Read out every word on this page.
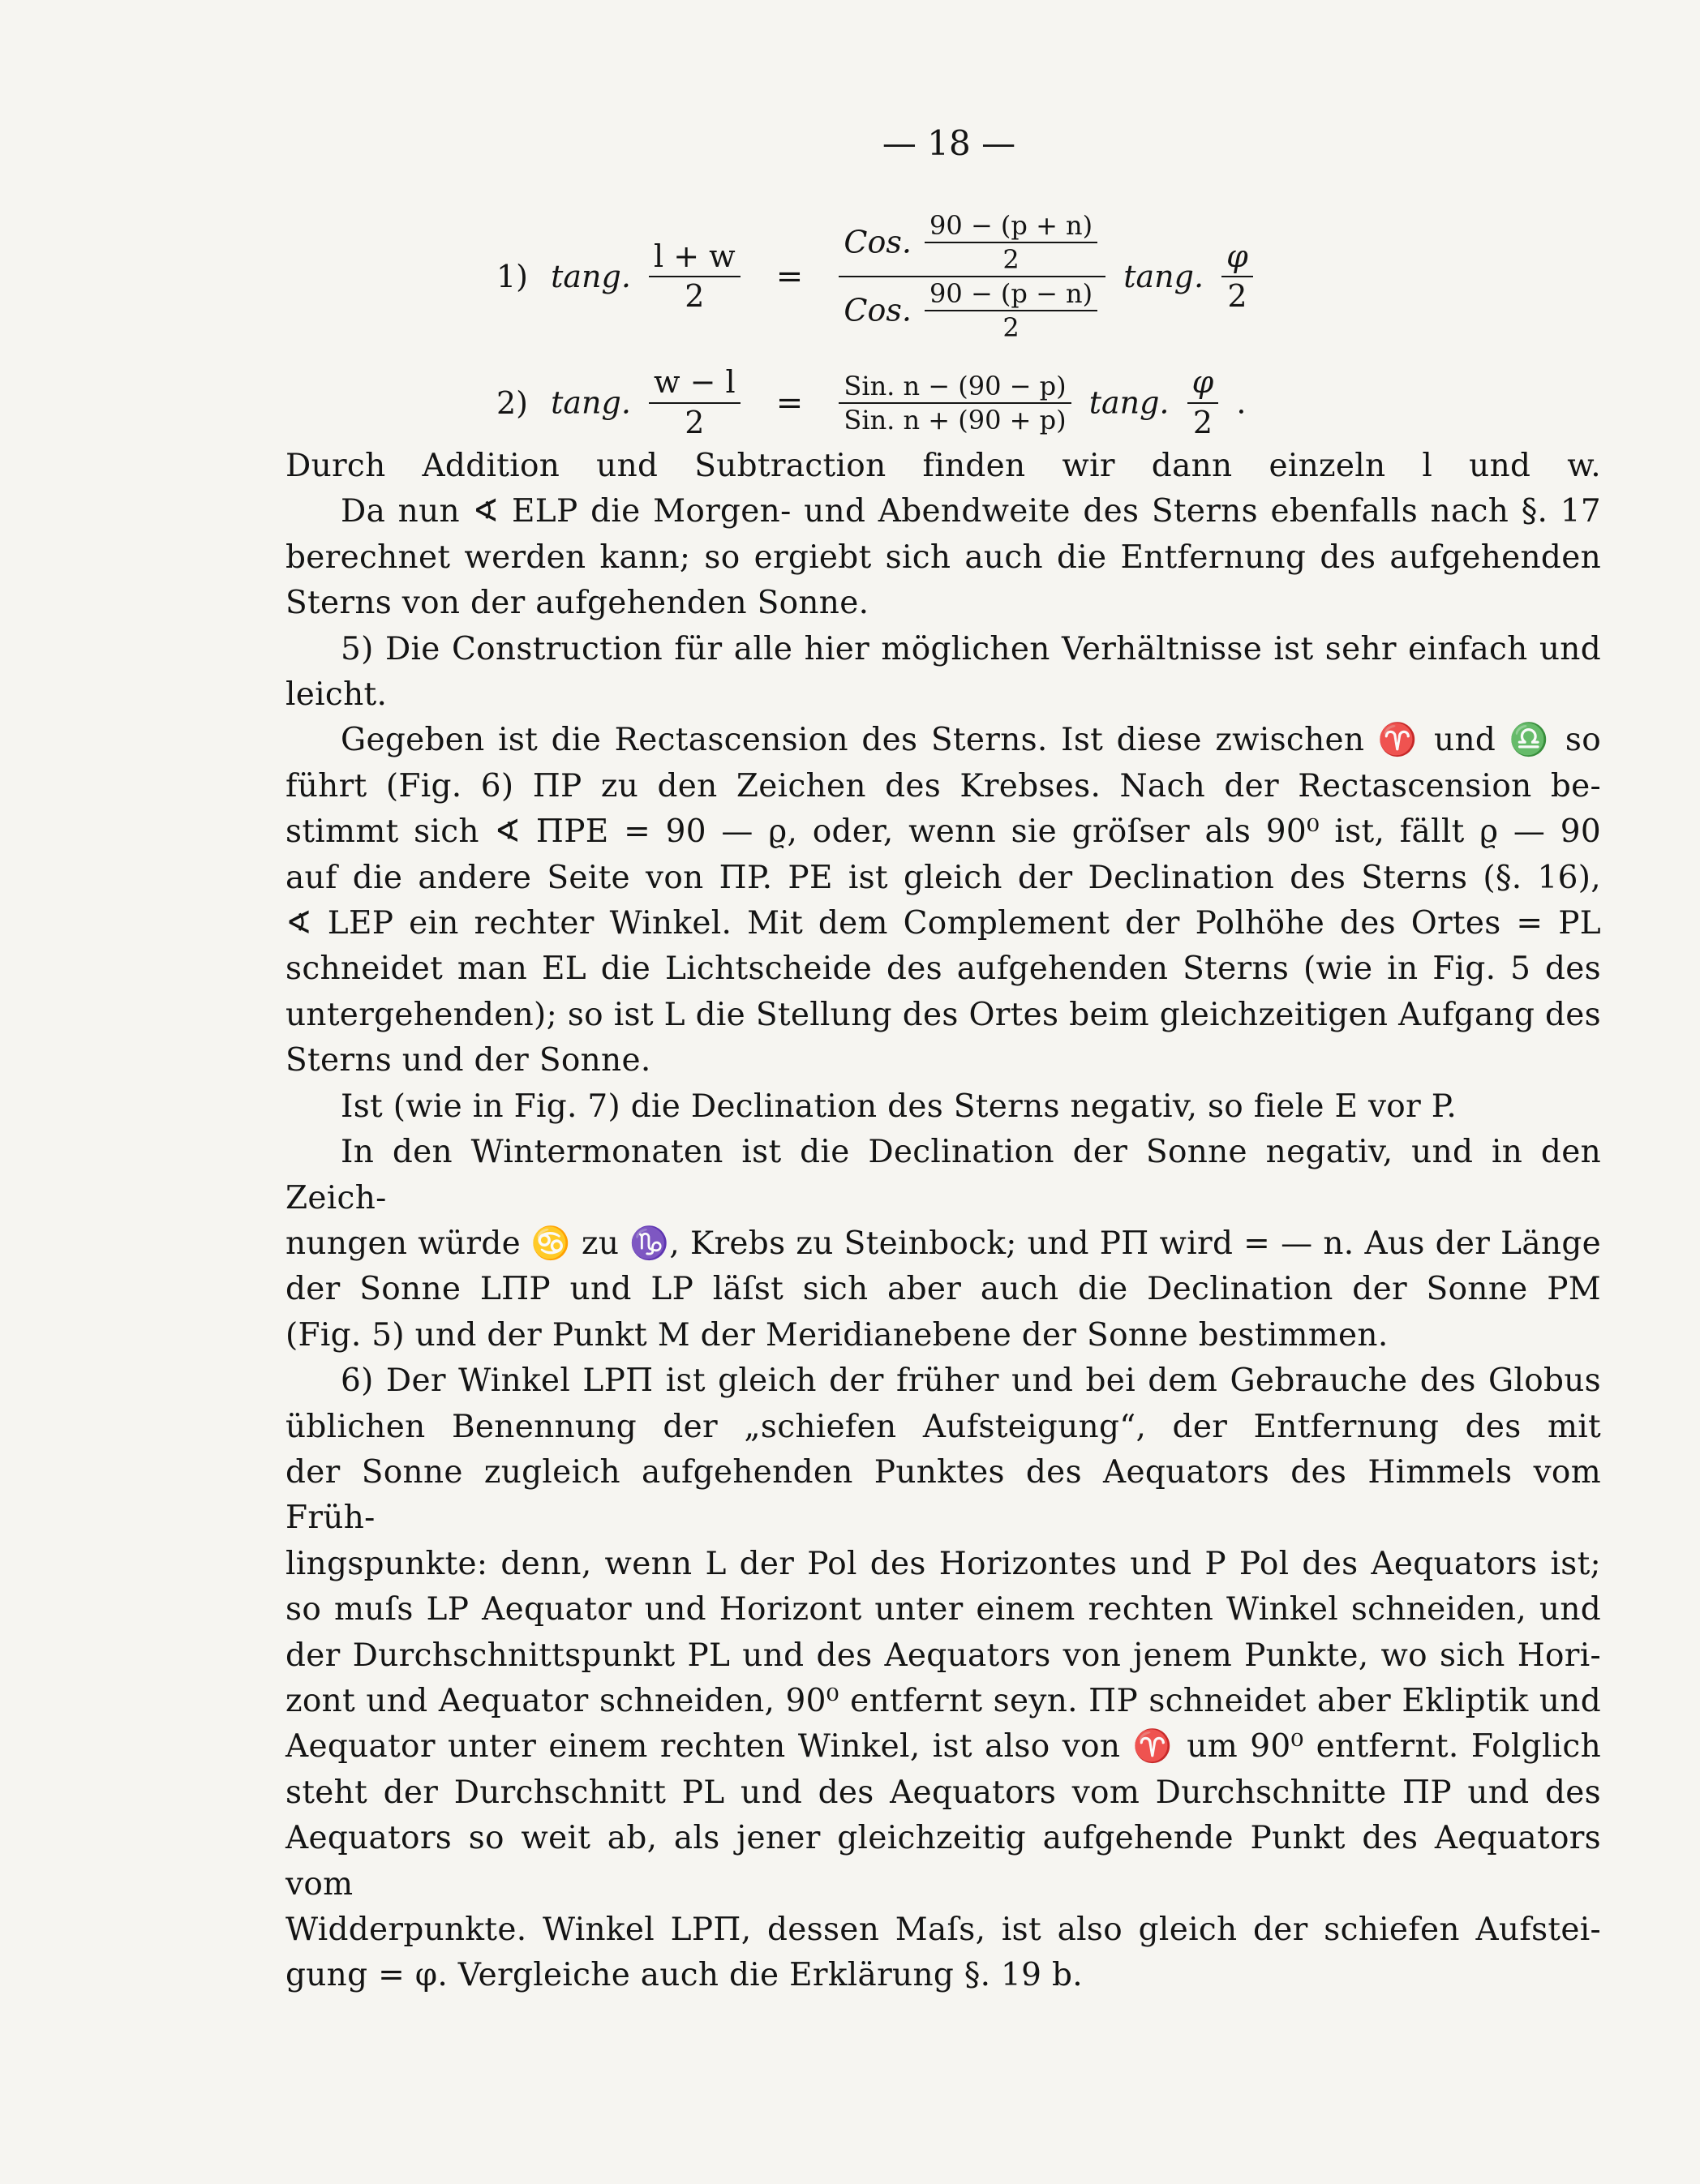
— 18 —
1) tang. $\frac{l + w}{2} = \frac{Cos. \frac{90 - (p + n)}{2}}{Cos. \frac{90 - (p - n)}{2}} \tan g$. $\frac{\varphi}{2}$
2) tang. $\frac{w - l}{2} = \frac{\text{Sin. n − (90 − p)}}{\text{Sin. n + (90 + p)}} \tan g$. $\frac{\varphi}{2}$ .

Durch Addition und Subtraction finden wir dann einzeln l und w.

Da nun ∢ ELP die Morgen- und Abendweite des Sterns ebenfalls nach §. 17

berechnet werden kann; so ergiebt sich auch die Entfernung des aufgehenden

Sterns von der aufgehenden Sonne.

5) Die Construction für alle hier möglichen Verhältnisse ist sehr einfach und

leicht.

Gegeben ist die Rectascension des Sterns. Ist diese zwischen ♈ und ♎ so

führt (Fig. 6) ΠP zu den Zeichen des Krebses. Nach der Rectascension be-

stimmt sich ∢ ΠPE = 90 — ϱ, oder, wenn sie gröſser als 90⁰ ist, fällt ϱ — 90

auf die andere Seite von ΠP. PE ist gleich der Declination des Sterns (§. 16),

∢ LEP ein rechter Winkel. Mit dem Complement der Polhöhe des Ortes = PL

schneidet man EL die Lichtscheide des aufgehenden Sterns (wie in Fig. 5 des

untergehenden); so ist L die Stellung des Ortes beim gleichzeitigen Aufgang des

Sterns und der Sonne.

Ist (wie in Fig. 7) die Declination des Sterns negativ, so fiele E vor P.

In den Wintermonaten ist die Declination der Sonne negativ, und in den Zeich-

nungen würde ♋ zu ♑, Krebs zu Steinbock; und PΠ wird = — n. Aus der Länge

der Sonne LΠP und LP läſst sich aber auch die Declination der Sonne PM

(Fig. 5) und der Punkt M der Meridianebene der Sonne bestimmen.

6) Der Winkel LPΠ ist gleich der früher und bei dem Gebrauche des Globus

üblichen Benennung der „schiefen Aufsteigung“, der Entfernung des mit

der Sonne zugleich aufgehenden Punktes des Aequators des Himmels vom Früh-

lingspunkte: denn, wenn L der Pol des Horizontes und P Pol des Aequators ist;

so muſs LP Aequator und Horizont unter einem rechten Winkel schneiden, und

der Durchschnittspunkt PL und des Aequators von jenem Punkte, wo sich Hori-

zont und Aequator schneiden, 90⁰ entfernt seyn. ΠP schneidet aber Ekliptik und

Aequator unter einem rechten Winkel, ist also von ♈ um 90⁰ entfernt. Folglich

steht der Durchschnitt PL und des Aequators vom Durchschnitte ΠP und des

Aequators so weit ab, als jener gleichzeitig aufgehende Punkt des Aequators vom

Widderpunkte. Winkel LPΠ, dessen Maſs, ist also gleich der schiefen Aufstei-

gung = φ. Vergleiche auch die Erklärung §. 19 b.
